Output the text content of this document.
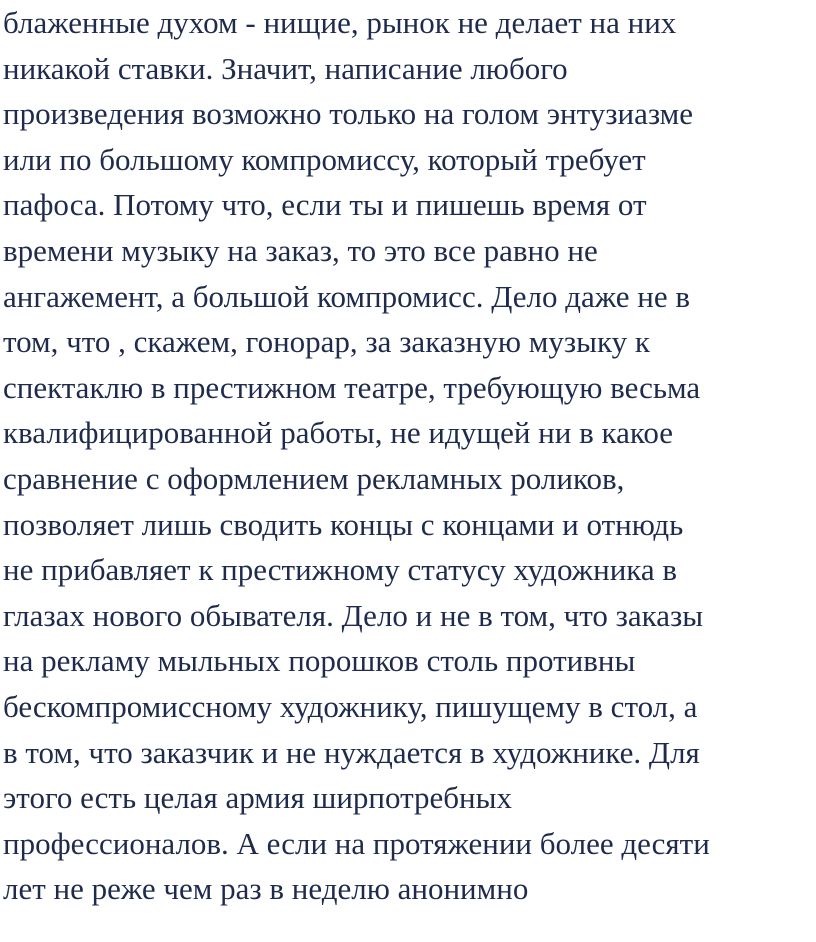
блаженные духом - нищие, рынок не делает на них

никакой ставки. Значит, написание любого

произведения возможно только на голом энтузиазме

или по большому компромиссу, который требует

пафоса. Потому что, если ты и пишешь время от

времени музыку на заказ, то это все равно не

ангажемент, а большой компромисс. Дело даже не в

том, что , скажем, гонорар, за заказную музыку к

спектаклю в престижном театре, требующую весьма

квалифицированной работы, не идущей ни в какое

сравнение с оформлением рекламных роликов,

позволяет лишь сводить концы с концами и отнюдь

не прибавляет к престижному статусу художника в

глазах нового обывателя. Дело и не в том, что заказы

на рекламу мыльных порошков столь противны

бескомпромиссному художнику, пишущему в стол, а

в том, что заказчик и не нуждается в художнике. Для

этого есть целая армия ширпотребных

профессионалов. А если на протяжении более десяти

лет не реже чем раз в неделю анонимно
